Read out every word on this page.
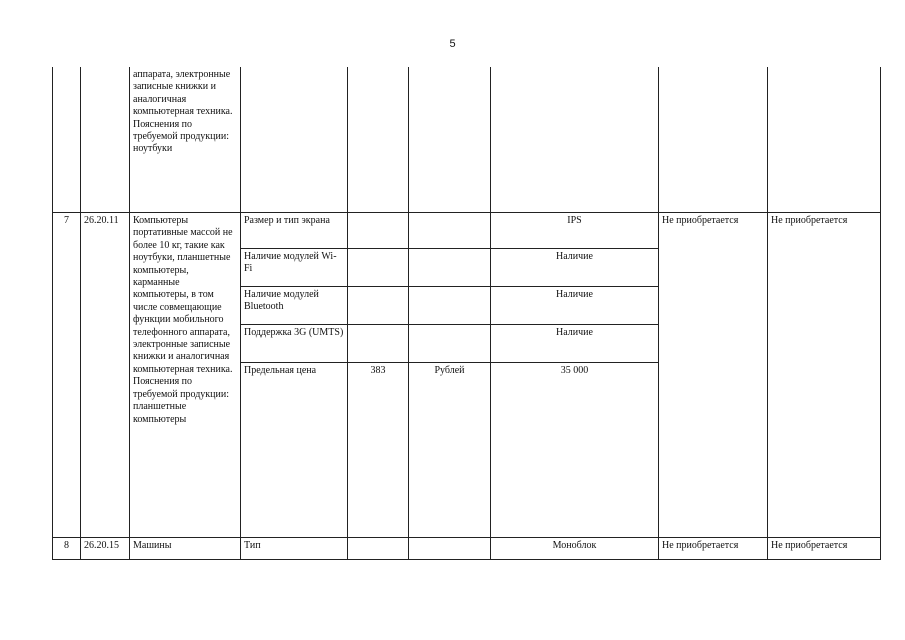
5
		аппарата, электронные записные книжки и аналогичная компьютерная техника. Пояснения по требуемой продукции: ноутбуки						
7	26.20.11	Компьютеры портативные массой не более 10 кг, такие как ноутбуки, планшетные компьютеры, карманные компьютеры, в том числе совмещающие функции мобильного телефонного аппарата, электронные записные книжки и аналогичная компьютерная техника. Пояснения по требуемой продукции: планшетные компьютеры	Размер и тип экрана			IPS	Не приобретается	Не приобретается
			Наличие модулей Wi-Fi			Наличие		
			Наличие модулей Bluetooth			Наличие		
			Поддержка 3G (UMTS)			Наличие		
			Предельная цена	383	Рублей	35 000		
8	26.20.15	Машины	Тип			Моноблок	Не приобретается	Не приобретается
